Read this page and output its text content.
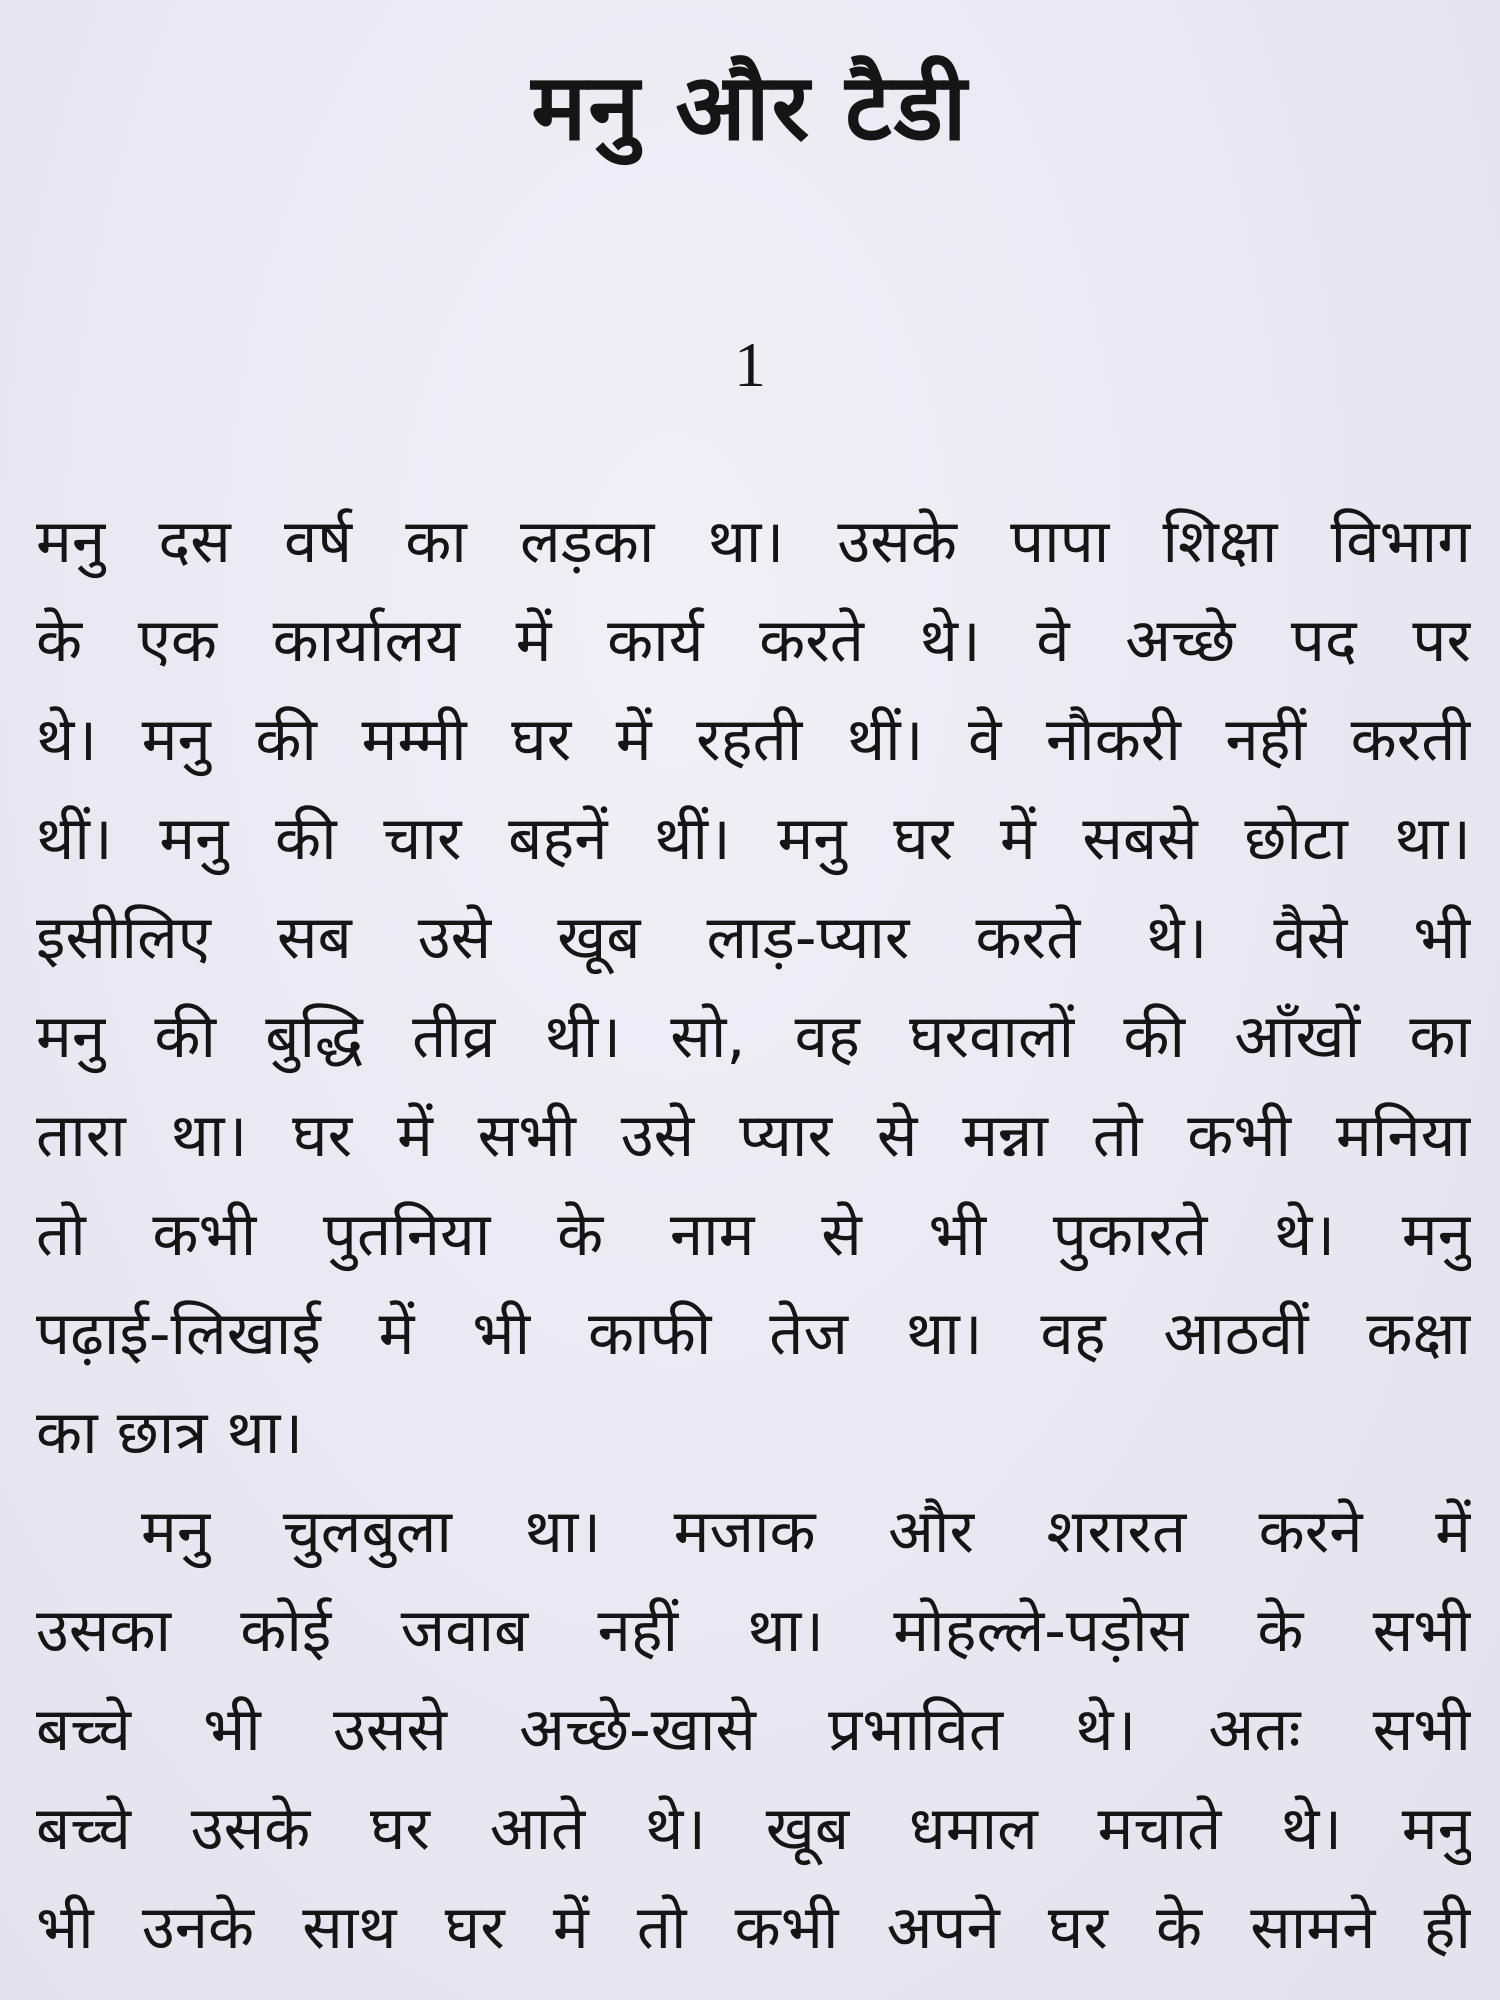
मनु और टैडी
1
मनु दस वर्ष का लड़का था। उसके पापा शिक्षा विभाग
के एक कार्यालय में कार्य करते थे। वे अच्छे पद पर
थे। मनु की मम्मी घर में रहती थीं। वे नौकरी नहीं करती
थीं। मनु की चार बहनें थीं। मनु घर में सबसे छोटा था।
इसीलिए सब उसे खूब लाड़-प्यार करते थे। वैसे भी
मनु की बुद्धि तीव्र थी। सो, वह घरवालों की आँखों का
तारा था। घर में सभी उसे प्यार से मन्ना तो कभी मनिया
तो कभी पुतनिया के नाम से भी पुकारते थे। मनु
पढ़ाई-लिखाई में भी काफी तेज था। वह आठवीं कक्षा
का छात्र था।
मनु चुलबुला था। मजाक और शरारत करने में
उसका कोई जवाब नहीं था। मोहल्ले-पड़ोस के सभी
बच्चे भी उससे अच्छे-खासे प्रभावित थे। अतः सभी
बच्चे उसके घर आते थे। खूब धमाल मचाते थे। मनु
भी उनके साथ घर में तो कभी अपने घर के सामने ही
